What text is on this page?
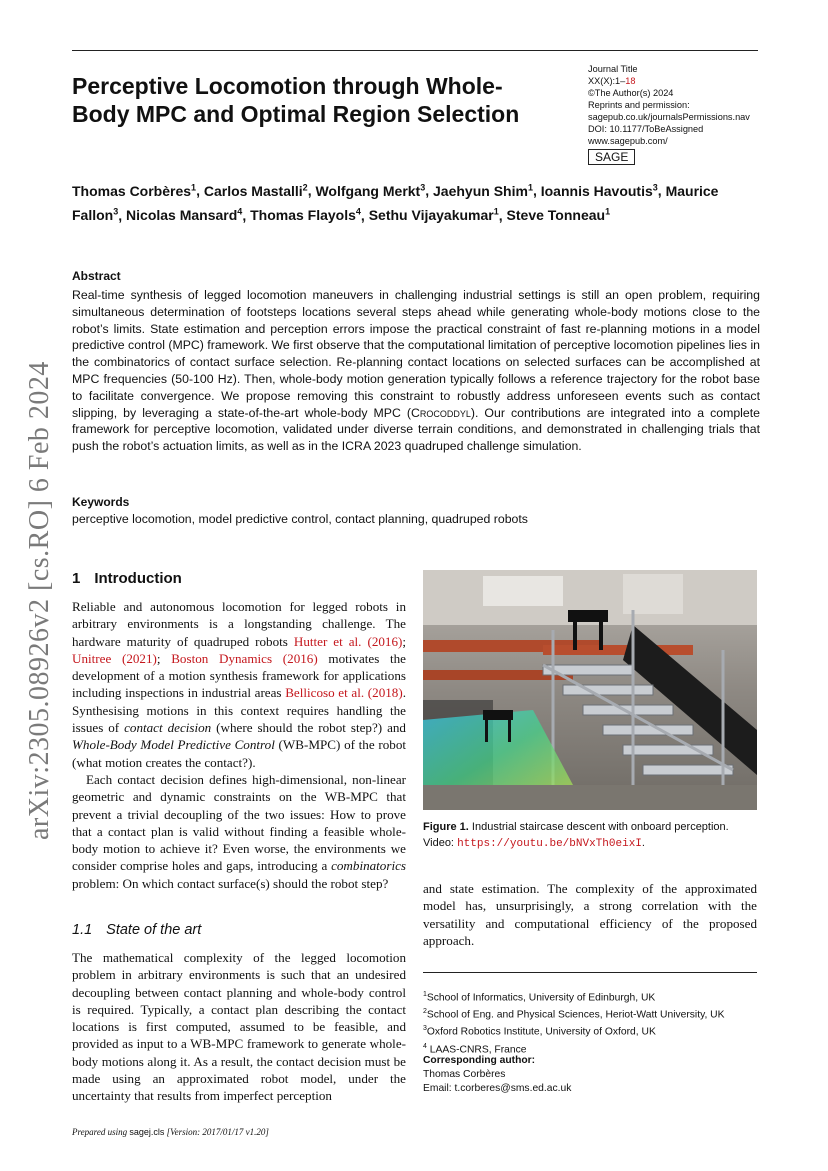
Perceptive Locomotion through Whole-Body MPC and Optimal Region Selection
Journal Title
XX(X):1–18
©The Author(s) 2024
Reprints and permission:
sagepub.co.uk/journalsPermissions.nav
DOI: 10.1177/ToBeAssigned
www.sagepub.com/
SAGE
Thomas Corbères$^1$, Carlos Mastalli$^2$, Wolfgang Merkt$^3$, Jaehyun Shim$^1$, Ioannis Havoutis$^3$, Maurice Fallon$^3$, Nicolas Mansard$^4$, Thomas Flayols$^4$, Sethu Vijayakumar$^1$, Steve Tonneau$^1$
Abstract
Real-time synthesis of legged locomotion maneuvers in challenging industrial settings is still an open problem, requiring simultaneous determination of footsteps locations several steps ahead while generating whole-body motions close to the robot’s limits. State estimation and perception errors impose the practical constraint of fast re-planning motions in a model predictive control (MPC) framework. We first observe that the computational limitation of perceptive locomotion pipelines lies in the combinatorics of contact surface selection. Re-planning contact locations on selected surfaces can be accomplished at MPC frequencies (50-100 Hz). Then, whole-body motion generation typically follows a reference trajectory for the robot base to facilitate convergence. We propose removing this constraint to robustly address unforeseen events such as contact slipping, by leveraging a state-of-the-art whole-body MPC (Crocoddyl). Our contributions are integrated into a complete framework for perceptive locomotion, validated under diverse terrain conditions, and demonstrated in challenging trials that push the robot’s actuation limits, as well as in the ICRA 2023 quadruped challenge simulation.
Keywords
perceptive locomotion, model predictive control, contact planning, quadruped robots
1 Introduction

Reliable and autonomous locomotion for legged robots in arbitrary environments is a longstanding challenge. The hardware maturity of quadruped robots Hutter et al. (2016); Unitree (2021); Boston Dynamics (2016) motivates the development of a motion synthesis framework for applications including inspections in industrial areas Bellicoso et al. (2018). Synthesising motions in this context requires handling the issues of contact decision (where should the robot step?) and Whole-Body Model Predictive Control (WB-MPC) of the robot (what motion creates the contact?).

Each contact decision defines high-dimensional, non-linear geometric and dynamic constraints on the WB-MPC that prevent a trivial decoupling of the two issues: How to prove that a contact plan is valid without finding a feasible whole-body motion to achieve it? Even worse, the environments we consider comprise holes and gaps, introducing a combinatorics problem: On which contact surface(s) should the robot step?

1.1 State of the art

The mathematical complexity of the legged locomotion problem in arbitrary environments is such that an undesired decoupling between contact planning and whole-body control is required. Typically, a contact plan describing the contact locations is first computed, assumed to be feasible, and provided as input to a WB-MPC framework to generate whole-body motions along it. As a result, the contact decision must be made using an approximated robot model, under the uncertainty that results from imperfect perception

Figure 1. Industrial staircase descent with onboard perception. Video: https://youtu.be/bNVxTh0eixI.

and state estimation. The complexity of the approximated model has, unsurprisingly, a strong correlation with the versatility and computational efficiency of the proposed approach.

$^1$School of Informatics, University of Edinburgh, UK
$^2$School of Eng. and Physical Sciences, Heriot-Watt University, UK
$^3$Oxford Robotics Institute, University of Oxford, UK
$^4$ LAAS-CNRS, France
Corresponding author:
Thomas Corbères
Email: t.corberes@sms.ed.ac.uk
Prepared using sagej.cls [Version: 2017/01/17 v1.20]
arXiv:2305.08926v2 [cs.RO] 6 Feb 2024
